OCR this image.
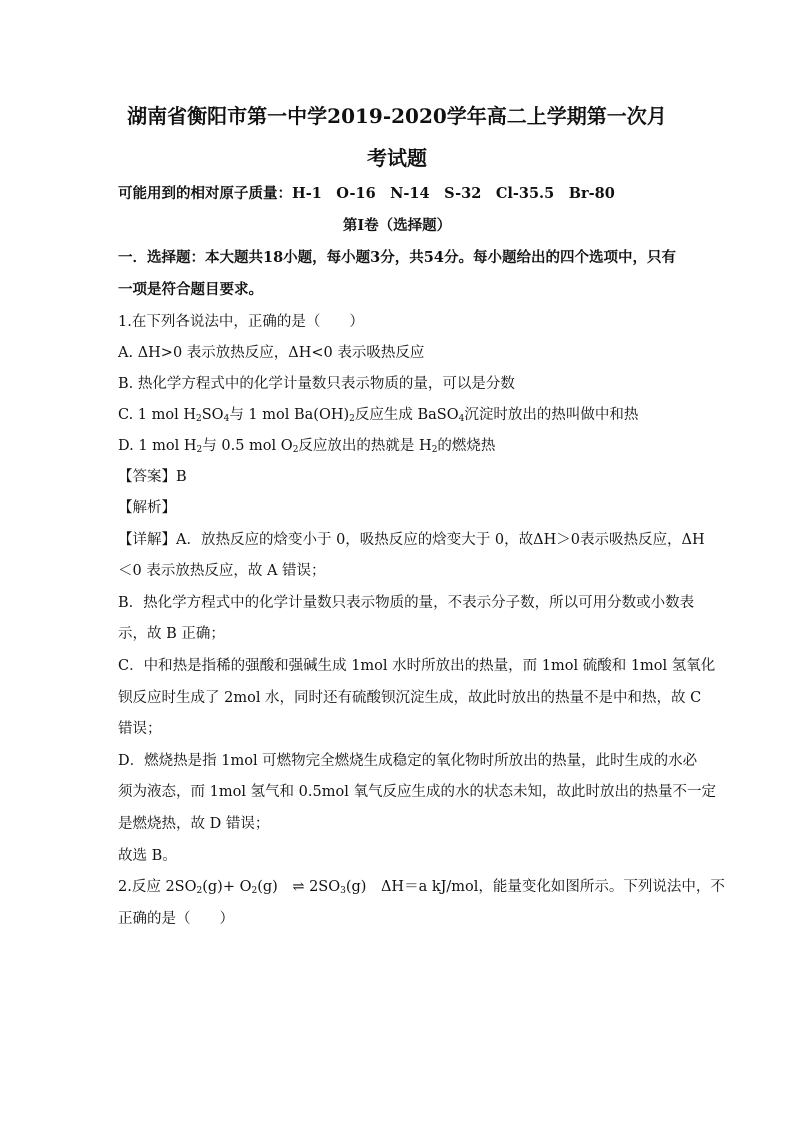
湖南省衡阳市第一中学2019-2020学年高二上学期第一次月
考试题
可能用到的相对原子质量：H-1　O-16　N-14　S-32　Cl-35.5　Br-80
第Ⅰ卷（选择题）
一．选择题：本大题共18小题，每小题3分，共54分。每小题给出的四个选项中，只有
一项是符合题目要求。
1.在下列各说法中，正确的是（　　）
A. ΔH>0 表示放热反应，ΔH<0 表示吸热反应
B. 热化学方程式中的化学计量数只表示物质的量，可以是分数
C. 1 mol $H_2SO_4$与 1 mol $Ba(OH)_2$反应生成 BaSO$_4$沉淀时放出的热叫做中和热
D. 1 mol $H_2$与 0.5 mol $O_2$反应放出的热就是 $H_2$的燃烧热
【答案】B
【解析】
【详解】A．放热反应的焓变小于 0，吸热反应的焓变大于 0，故ΔH＞0表示吸热反应，ΔH
＜0 表示放热反应，故 A 错误；
B．热化学方程式中的化学计量数只表示物质的量，不表示分子数，所以可用分数或小数表
示，故 B 正确；
C．中和热是指稀的强酸和强碱生成 1mol 水时所放出的热量，而 1mol 硫酸和 1mol 氢氧化
钡反应时生成了 2mol 水，同时还有硫酸钡沉淀生成，故此时放出的热量不是中和热，故 C
错误；
D．燃烧热是指 1mol 可燃物完全燃烧生成稳定的氧化物时所放出的热量，此时生成的水必
须为液态，而 1mol 氢气和 0.5mol 氧气反应生成的水的状态未知，故此时放出的热量不一定
是燃烧热，故 D 错误；
故选 B。
2.反应 $2SO_2(g)+ O_2(g)$　⇌ $2SO_3(g)$　ΔH＝a kJ/mol，能量变化如图所示。下列说法中，不
正确的是（　　）
